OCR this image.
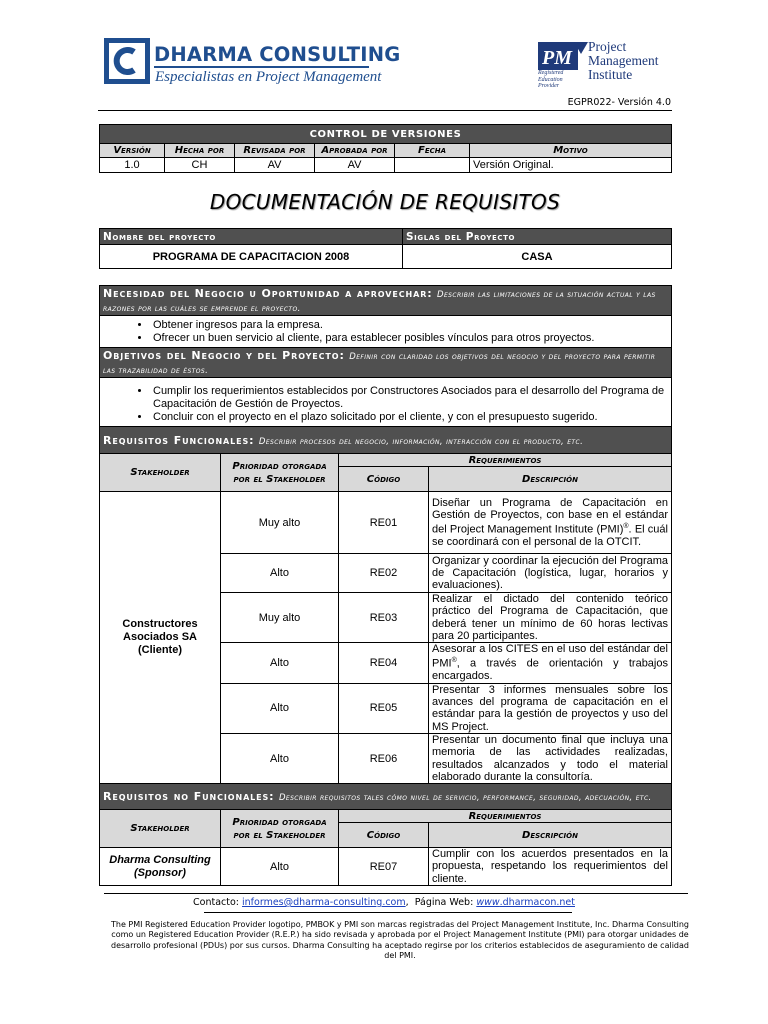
DHARMA CONSULTING
Especialistas en Project Management
PM
Registered
Education
Provider
Project
Management
Institute
EGPR022- Versión 4.0
CONTROL DE VERSIONES					
Versión	Hecha por	Revisada por	Aprobada por	Fecha	Motivo
1.0	CH	AV	AV		Versión Original.
DOCUMENTACIÓN DE REQUISITOS
Nombre del proyecto	Siglas del Proyecto
PROGRAMA DE CAPACITACION 2008	CASA
Necesidad del Negocio u Oportunidad a aprovechar: Describir las limitaciones de la situación actual y las razones por las cuáles se emprende el proyecto.

• Obtener ingresos para la empresa.
• Ofrecer un buen servicio al cliente, para establecer posibles vínculos para otros proyectos.

Objetivos del Negocio y del Proyecto: Definir con claridad los objetivos del negocio y del proyecto para permitir las trazabilidad de éstos.

• Cumplir los requerimientos establecidos por Constructores Asociados para el desarrollo del Programa de Capacitación de Gestión de Proyectos.
• Concluir con el proyecto en el plazo solicitado por el cliente, y con el presupuesto sugerido.
Requisitos Funcionales: Describir procesos del negocio, información, interacción con el producto, etc.			
Stakeholder	Prioridad otorgada por el Stakeholder	Requerimientos	
		Código	Descripción
Constructores Asociados SA (Cliente)	Muy alto	RE01	Diseñar un Programa de Capacitación en Gestión de Proyectos, con base en el estándar del Project Management Institute (PMI)®. El cuál se coordinará con el personal de la OTCIT.
	Alto	RE02	Organizar y coordinar la ejecución del Programa de Capacitación (logística, lugar, horarios y evaluaciones).
	Muy alto	RE03	Realizar el dictado del contenido teórico práctico del Programa de Capacitación, que deberá tener un mínimo de 60 horas lectivas para 20 participantes.
	Alto	RE04	Asesorar a los CITES en el uso del estándar del PMI®, a través de orientación y trabajos encargados.
	Alto	RE05	Presentar 3 informes mensuales sobre los avances del programa de capacitación en el estándar para la gestión de proyectos y uso del MS Project.
	Alto	RE06	Presentar un documento final que incluya una memoria de las actividades realizadas, resultados alcanzados y todo el material elaborado durante la consultoría.
Requisitos no Funcionales: Describir requisitos tales cómo nivel de servicio, performance, seguridad, adecuación, etc.			
Stakeholder	Prioridad otorgada por el Stakeholder	Requerimientos	
		Código	Descripción
Dharma Consulting (Sponsor)	Alto	RE07	Cumplir con los acuerdos presentados en la propuesta, respetando los requerimientos del cliente.
Contacto: informes@dharma-consulting.com,  Página Web: www.dharmacon.net
The PMI Registered Education Provider logotipo, PMBOK y PMI son marcas registradas del Project Management Institute, Inc. Dharma Consulting como un Registered Education Provider (R.E.P.) ha sido revisada y aprobada por el Project Management Institute (PMI) para otorgar unidades de desarrollo profesional (PDUs) por sus cursos. Dharma Consulting ha aceptado regirse por los criterios establecidos de aseguramiento de calidad del PMI.
